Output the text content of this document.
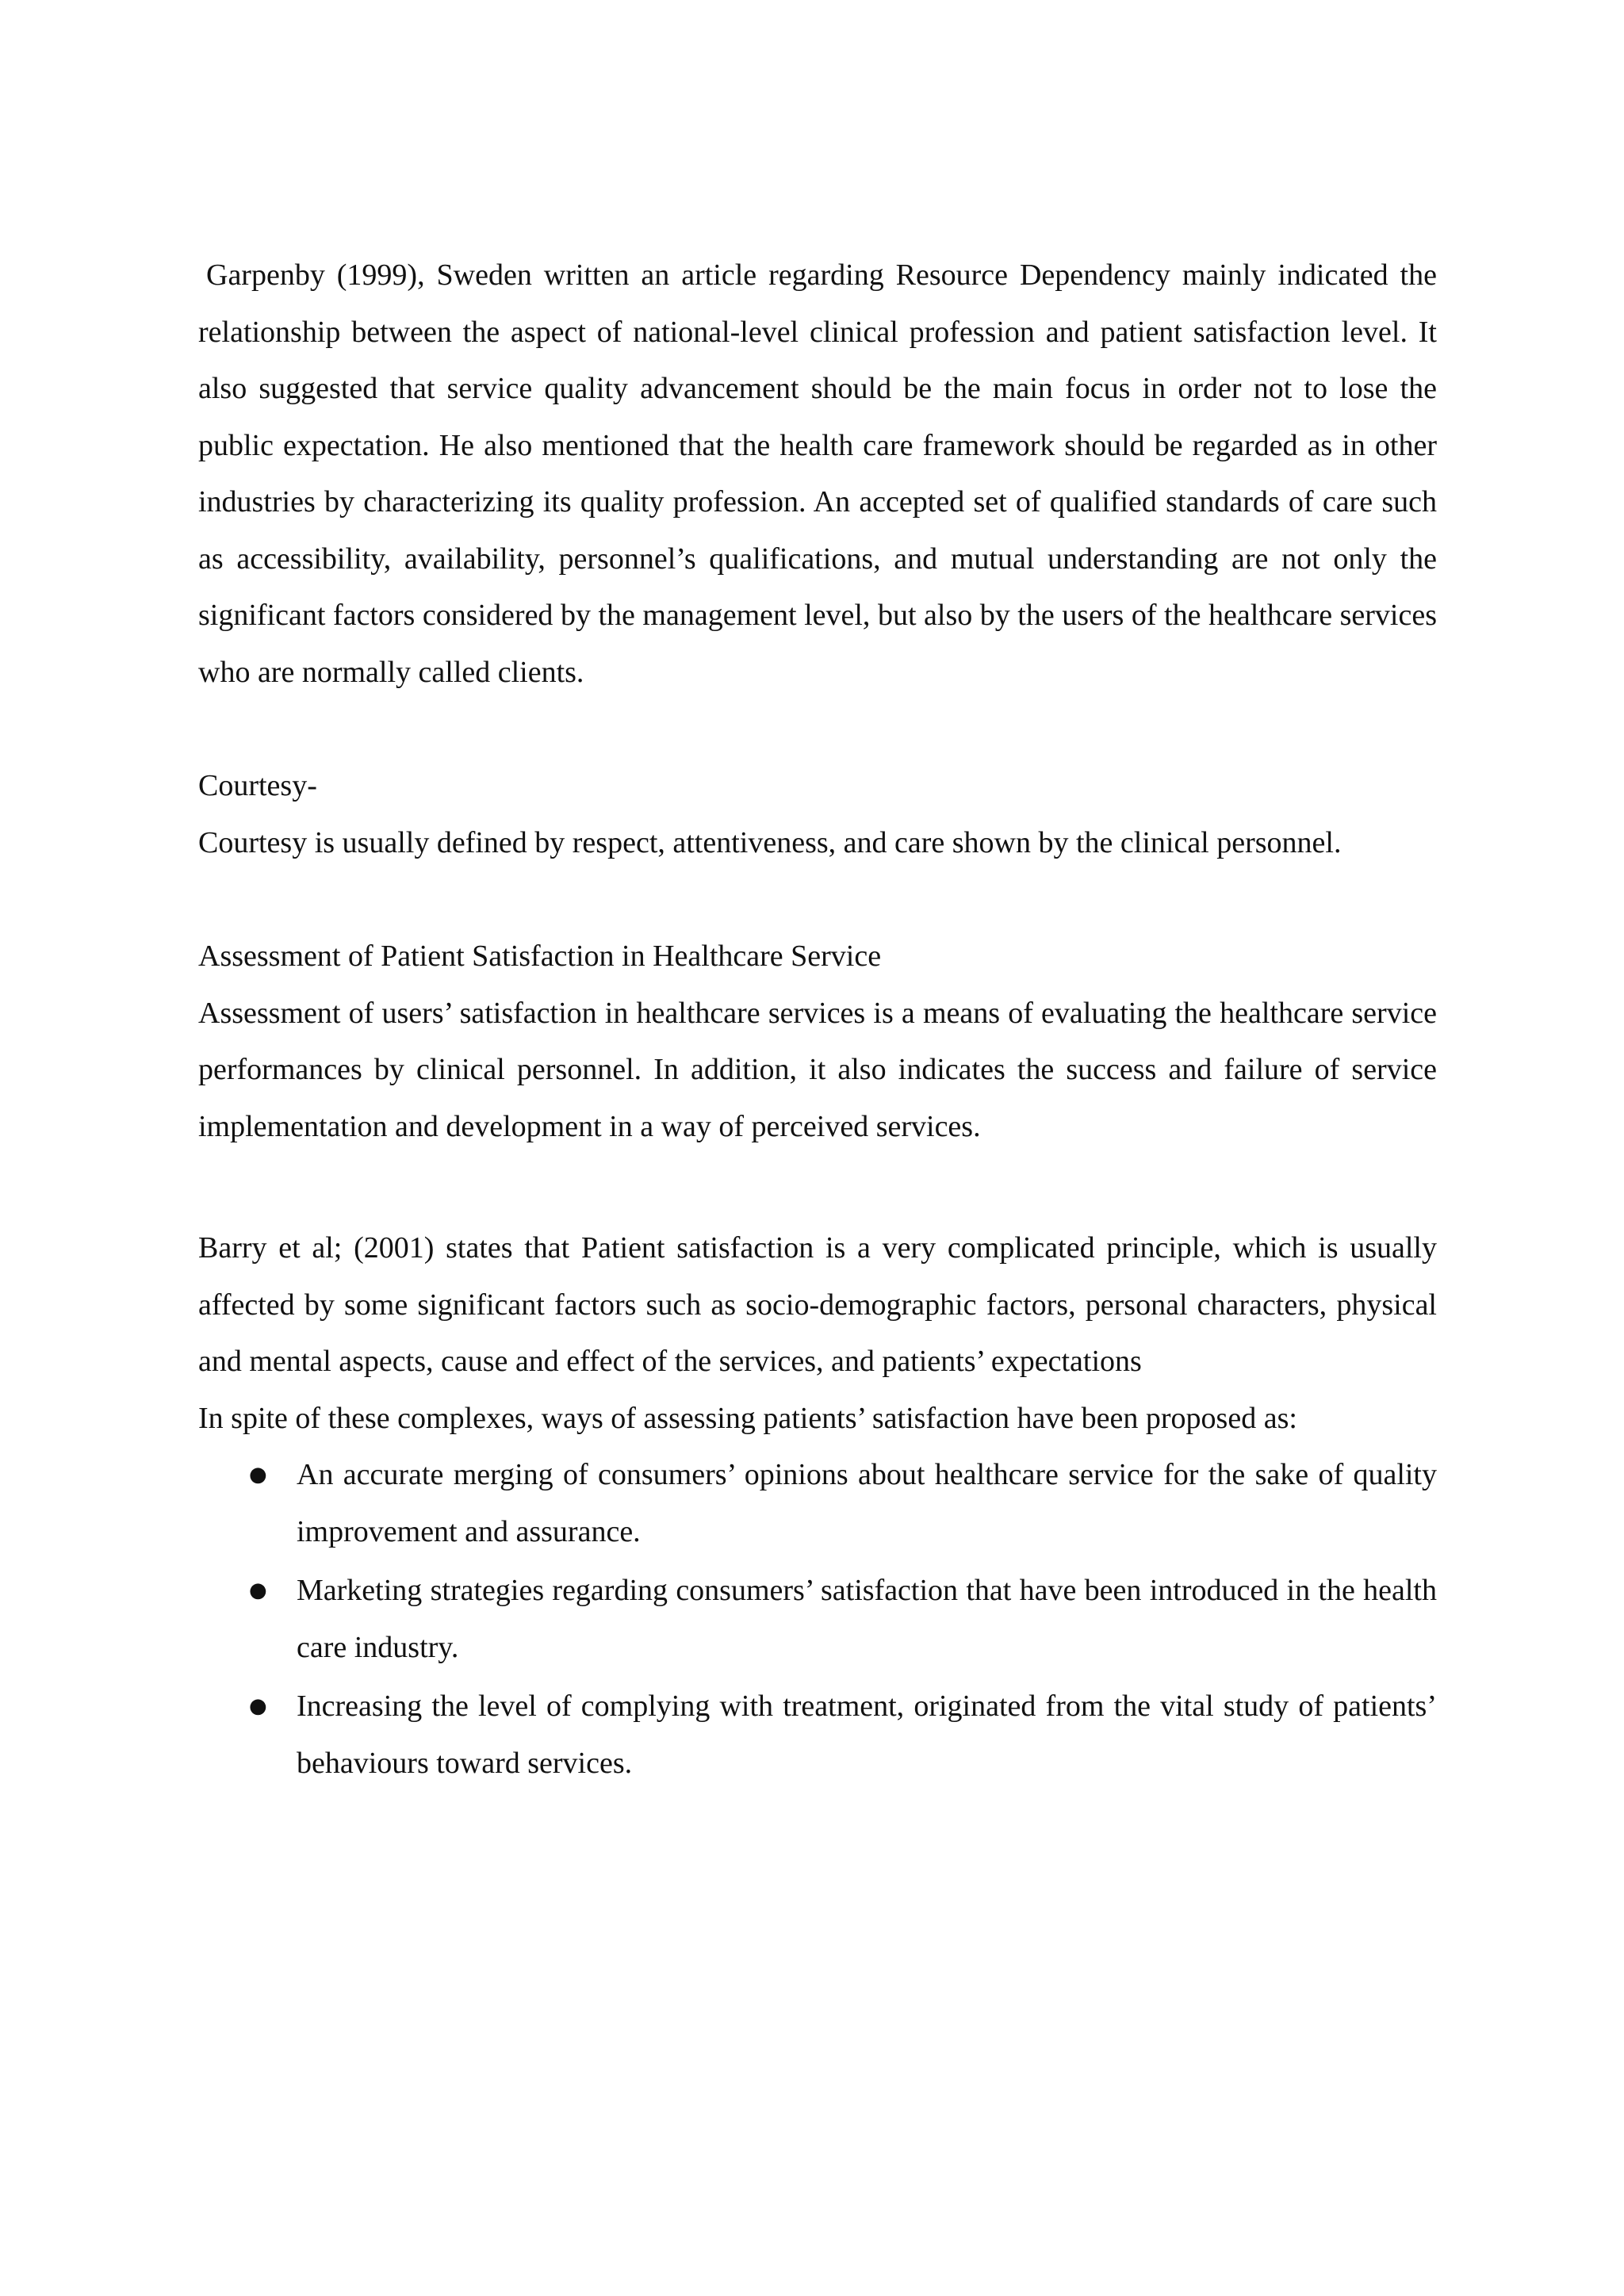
Garpenby (1999), Sweden written an article regarding Resource Dependency mainly indicated the relationship between the aspect of national-level clinical profession and patient satisfaction level. It also suggested that service quality advancement should be the main focus in order not to lose the public expectation. He also mentioned that the health care framework should be regarded as in other industries by characterizing its quality profession. An accepted set of qualified standards of care such as accessibility, availability, personnel’s qualifications, and mutual understanding are not only the significant factors considered by the management level, but also by the users of the healthcare services who are normally called clients.

Courtesy-

Courtesy is usually defined by respect, attentiveness, and care shown by the clinical personnel.

Assessment of Patient Satisfaction in Healthcare Service

Assessment of users’ satisfaction in healthcare services is a means of evaluating the healthcare service performances by clinical personnel. In addition, it also indicates the success and failure of service implementation and development in a way of perceived services.

Barry et al; (2001) states that Patient satisfaction is a very complicated principle, which is usually affected by some significant factors such as socio-demographic factors, personal characters, physical and mental aspects, cause and effect of the services, and patients’ expectations

In spite of these complexes, ways of assessing patients’ satisfaction have been proposed as:

● An accurate merging of consumers’ opinions about healthcare service for the sake of quality improvement and assurance.
● Marketing strategies regarding consumers’ satisfaction that have been introduced in the health care industry.
● Increasing the level of complying with treatment, originated from the vital study of patients’ behaviours toward services.
